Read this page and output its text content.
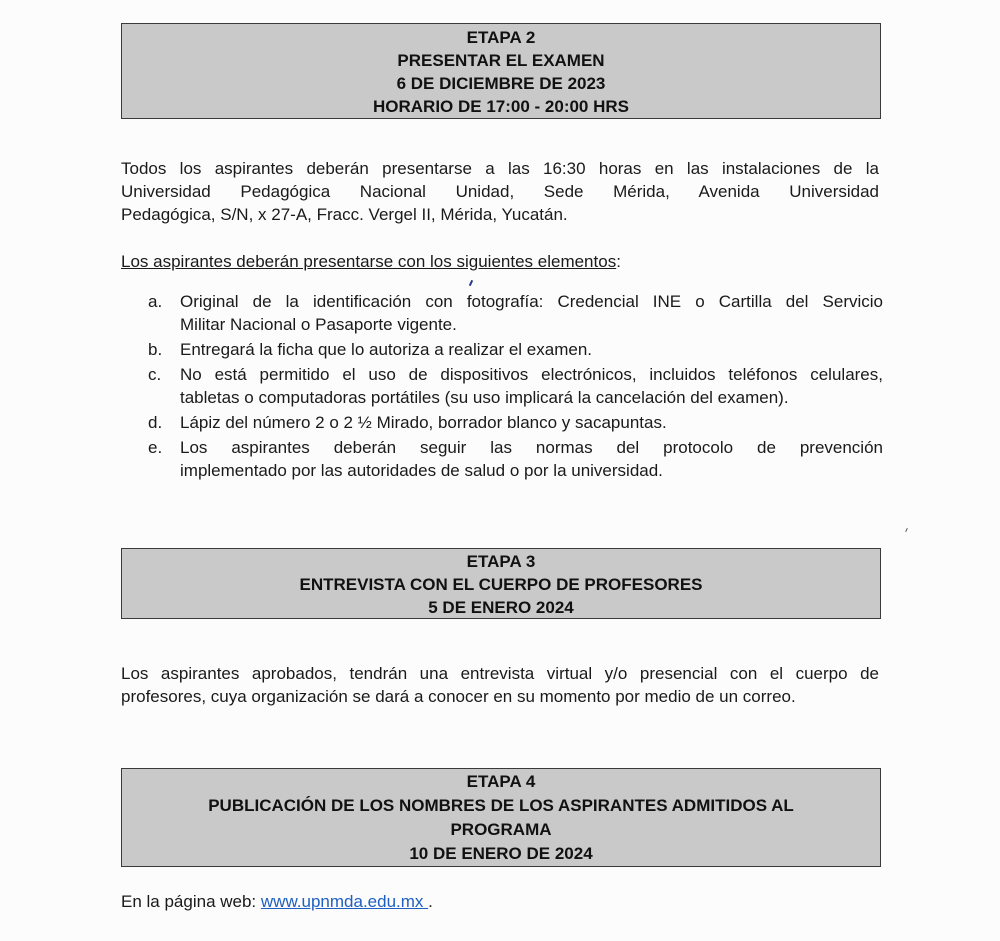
ETAPA 2
PRESENTAR EL EXAMEN
6 DE DICIEMBRE DE 2023
HORARIO DE 17:00 - 20:00 HRS
Todos los aspirantes deberán presentarse a las 16:30 horas en las instalaciones de la
Universidad Pedagógica Nacional Unidad, Sede Mérida, Avenida Universidad
Pedagógica, S/N, x 27-A, Fracc. Vergel II, Mérida, Yucatán.
Los aspirantes deberán presentarse con los siguientes elementos:
a. Original de la identificación con fotografía: Credencial INE o Cartilla del Servicio
Militar Nacional o Pasaporte vigente.
b. Entregará la ficha que lo autoriza a realizar el examen.
c. No está permitido el uso de dispositivos electrónicos, incluidos teléfonos celulares,
tabletas o computadoras portátiles (su uso implicará la cancelación del examen).
d. Lápiz del número 2 o 2 ½ Mirado, borrador blanco y sacapuntas.
e. Los aspirantes deberán seguir las normas del protocolo de prevención
implementado por las autoridades de salud o por la universidad.
ETAPA 3
ENTREVISTA CON EL CUERPO DE PROFESORES
5 DE ENERO 2024
Los aspirantes aprobados, tendrán una entrevista virtual y/o presencial con el cuerpo de
profesores, cuya organización se dará a conocer en su momento por medio de un correo.
ETAPA 4
PUBLICACIÓN DE LOS NOMBRES DE LOS ASPIRANTES ADMITIDOS AL
PROGRAMA
10 DE ENERO DE 2024
En la página web: www.upnmda.edu.mx .
